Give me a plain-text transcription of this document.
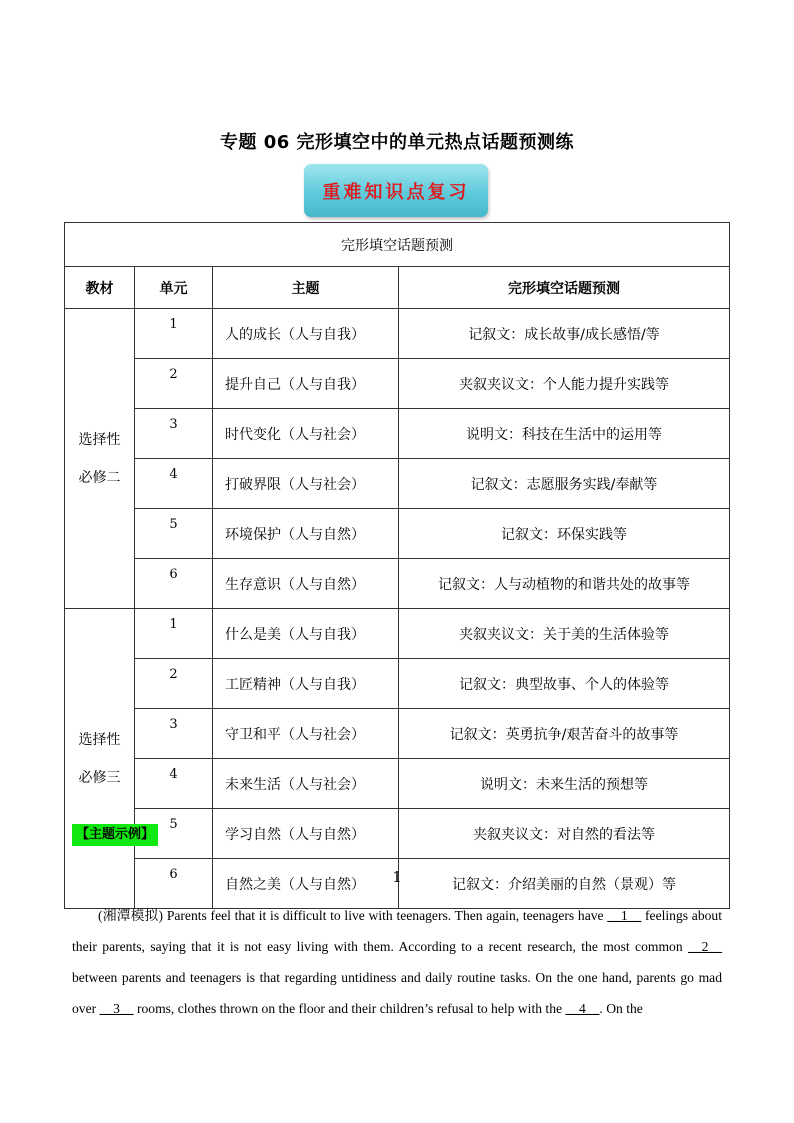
专题 06 完形填空中的单元热点话题预测练
重难知识点复习
完形填空话题预测			
教材	单元	主题	完形填空话题预测

选择性
必修二	1	人的成长（人与自我）	记叙文：成长故事/成长感悟/等
	2	提升自己（人与自我）	夹叙夹议文：个人能力提升实践等
	3	时代变化（人与社会）	说明文：科技在生活中的运用等
	4	打破界限（人与社会）	记叙文：志愿服务实践/奉献等
	5	环境保护（人与自然）	记叙文：环保实践等
	6	生存意识（人与自然）	记叙文：人与动植物的和谐共处的故事等

选择性
必修三	1	什么是美（人与自我）	夹叙夹议文：关于美的生活体验等
	2	工匠精神（人与自我）	记叙文：典型故事、个人的体验等
	3	守卫和平（人与社会）	记叙文：英勇抗争/艰苦奋斗的故事等
	4	未来生活（人与社会）	说明文：未来生活的预想等
	5	学习自然（人与自然）	夹叙夹议文：对自然的看法等
	6	自然之美（人与自然）	记叙文：介绍美丽的自然（景观）等
【主题示例】
1
(湘潭模拟) Parents feel that it is difficult to live with teenagers. Then again, teenagers have __1__ feelings about their parents, saying that it is not easy living with them. According to a recent research, the most common __2__ between parents and teenagers is that regarding untidiness and daily routine tasks. On the one hand, parents go mad over __3__ rooms, clothes thrown on the floor and their children’s refusal to help with the __4__. On the
